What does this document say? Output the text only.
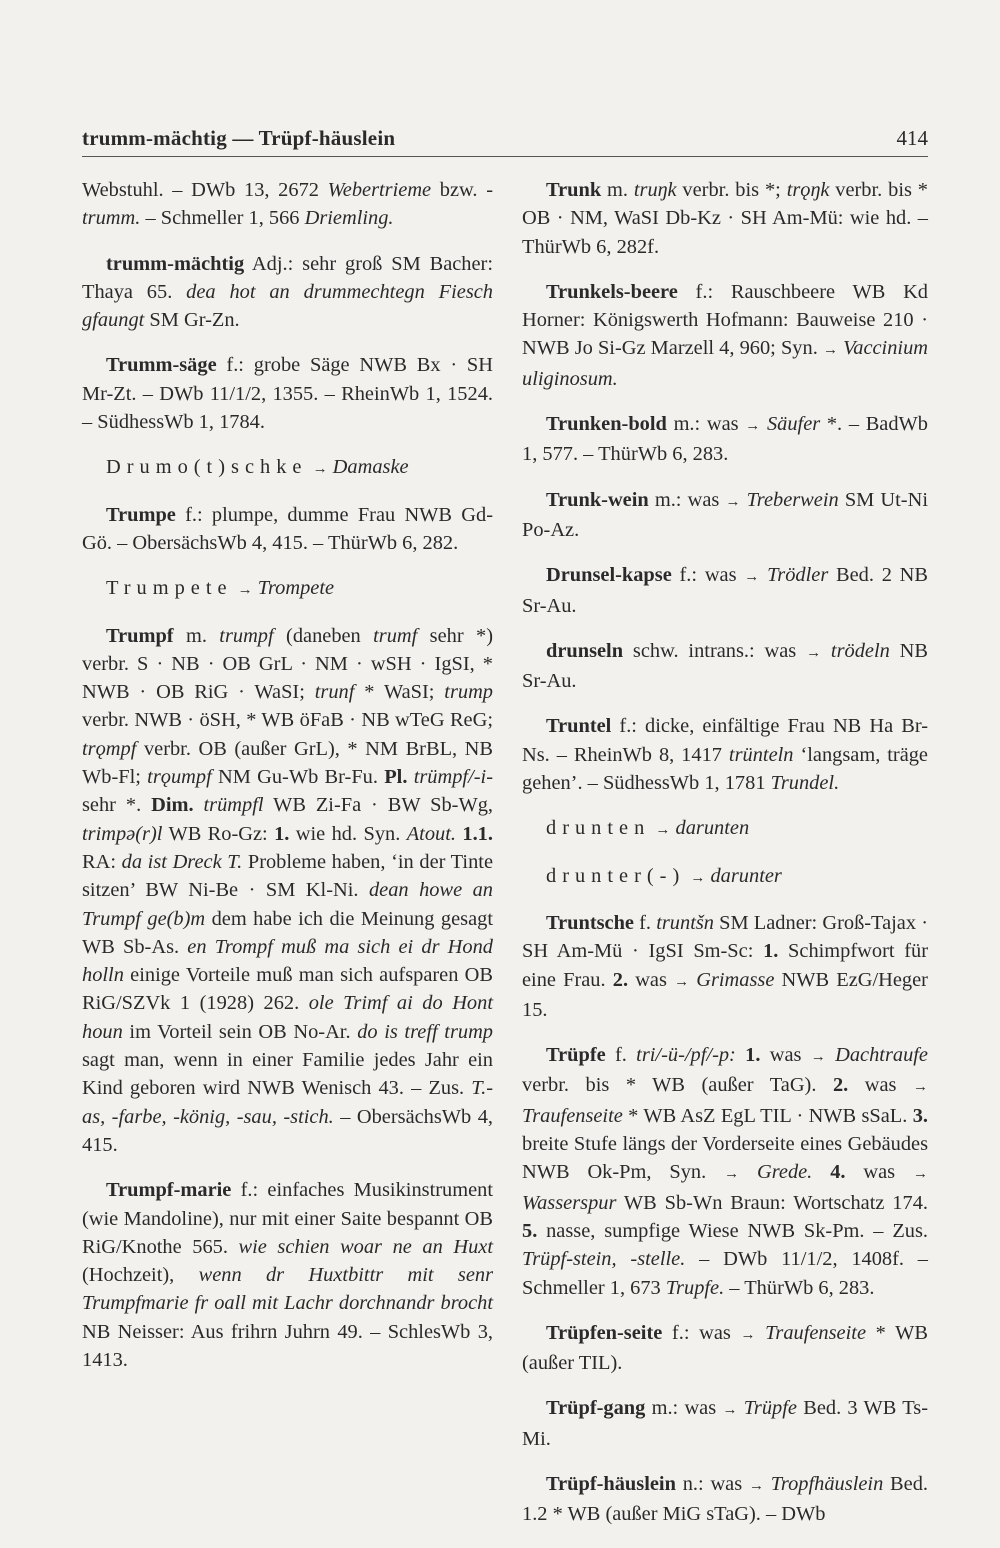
trumm-mächtig — Trüpf-häuslein	414

Webstuhl. – DWb 13, 2672 Webertrieme bzw. -trumm. – Schmeller 1, 566 Driemling.

trumm-mächtig Adj.: sehr groß SM Bacher: Thaya 65. dea hot an drummechtegn Fiesch gfaungt SM Gr-Zn.

Trumm-säge f.: grobe Säge NWB Bx · SH Mr-Zt. – DWb 11/1/2, 1355. – RheinWb 1, 1524. – SüdhessWb 1, 1784.

Drumo(t)schke → Damaske

Trumpe f.: plumpe, dumme Frau NWB Gd-Gö. – ObersächsWb 4, 415. – ThürWb 6, 282.

Trumpete → Trompete

Trumpf m. trumpf (daneben trumf sehr *) verbr. S · NB · OB GrL · NM · wSH · IgSI, * NWB · OB RiG · WaSI; trunf * WaSI; trump verbr. NWB · öSH, * WB öFaB · NB wTeG ReG; trǫmpf verbr. OB (außer GrL), * NM BrBL, NB Wb-Fl; trǫumpf NM Gu-Wb Br-Fu. Pl. trümpf/-i- sehr *. Dim. trümpfl WB Zi-Fa · BW Sb-Wg, trimpə(r)l WB Ro-Gz: 1. wie hd. Syn. Atout. 1.1. RA: da ist Dreck T. Probleme haben, ‘in der Tinte sitzen’ BW Ni-Be · SM Kl-Ni. dean howe an Trumpf ge(b)m dem habe ich die Meinung gesagt WB Sb-As. en Trompf muß ma sich ei dr Hond holln einige Vorteile muß man sich aufsparen OB RiG/SZVk 1 (1928) 262. ole Trimf ai do Hont houn im Vorteil sein OB No-Ar. do is treff trump sagt man, wenn in einer Familie jedes Jahr ein Kind geboren wird NWB Wenisch 43. – Zus. T.-as, -farbe, -könig, -sau, -stich. – ObersächsWb 4, 415.

Trumpf-marie f.: einfaches Musikinstrument (wie Mandoline), nur mit einer Saite bespannt OB RiG/Knothe 565. wie schien woar ne an Huxt (Hochzeit), wenn dr Huxtbittr mit senr Trumpfmarie fr oall mit Lachr dorchnandr brocht NB Neisser: Aus frihrn Juhrn 49. – SchlesWb 3, 1413.

Trunk m. truŋk verbr. bis *; trǫŋk verbr. bis * OB · NM, WaSI Db-Kz · SH Am-Mü: wie hd. – ThürWb 6, 282f.

Trunkels-beere f.: Rauschbeere WB Kd Horner: Königswerth Hofmann: Bauweise 210 · NWB Jo Si-Gz Marzell 4, 960; Syn. → Vaccinium uliginosum.

Trunken-bold m.: was → Säufer *. – BadWb 1, 577. – ThürWb 6, 283.

Trunk-wein m.: was → Treberwein SM Ut-Ni Po-Az.

Drunsel-kapse f.: was → Trödler Bed. 2 NB Sr-Au.

drunseln schw. intrans.: was → trödeln NB Sr-Au.

Truntel f.: dicke, einfältige Frau NB Ha Br-Ns. – RheinWb 8, 1417 trünteln ‘langsam, träge gehen’. – SüdhessWb 1, 1781 Trundel.

drunten → darunten

drunter(-) → darunter

Truntsche f. truntšn SM Ladner: Groß-Tajax · SH Am-Mü · IgSI Sm-Sc: 1. Schimpfwort für eine Frau. 2. was → Grimasse NWB EzG/Heger 15.

Trüpfe f. tri/-ü-/pf/-p: 1. was → Dachtraufe verbr. bis * WB (außer TaG). 2. was → Traufenseite * WB AsZ EgL TIL · NWB sSaL. 3. breite Stufe längs der Vorderseite eines Gebäudes NWB Ok-Pm, Syn. → Grede. 4. was → Wasserspur WB Sb-Wn Braun: Wortschatz 174. 5. nasse, sumpfige Wiese NWB Sk-Pm. – Zus. Trüpf-stein, -stelle. – DWb 11/1/2, 1408f. – Schmeller 1, 673 Trupfe. – ThürWb 6, 283.

Trüpfen-seite f.: was → Traufenseite * WB (außer TIL).

Trüpf-gang m.: was → Trüpfe Bed. 3 WB Ts-Mi.

Trüpf-häuslein n.: was → Tropfhäuslein Bed. 1.2 * WB (außer MiG sTaG). – DWb
